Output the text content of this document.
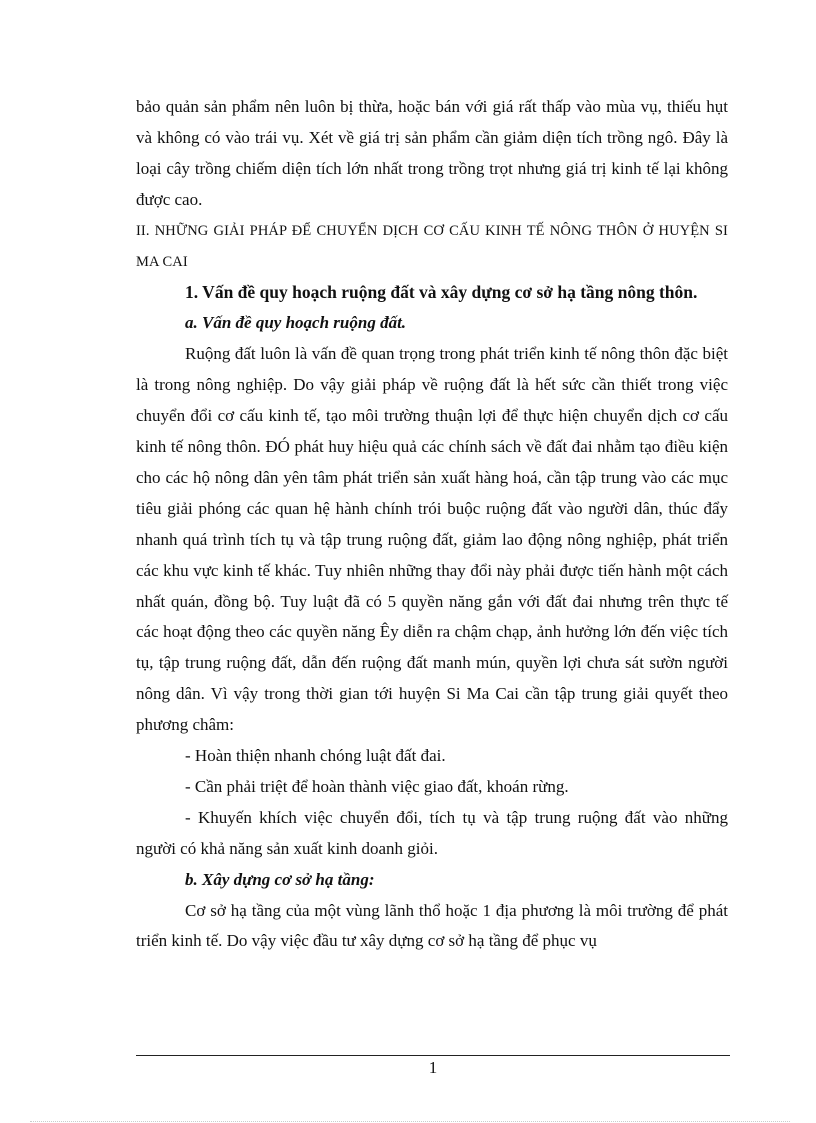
bảo quản sản phẩm nên luôn bị thừa, hoặc bán với giá rất thấp vào mùa vụ, thiếu hụt và không có vào trái vụ. Xét về giá trị sản phẩm cần giảm diện tích trồng ngô. Đây là loại cây trồng chiếm diện tích lớn nhất trong trồng trọt nhưng giá trị kinh tế lại không được cao.

II. NHỮNG GIẢI PHÁP ĐỂ CHUYỂN DỊCH CƠ CẤU KINH TẾ NÔNG THÔN Ở HUYỆN SI MA CAI

1. Vấn đề quy hoạch ruộng đất và xây dựng cơ sở hạ tầng nông thôn.

a. Vấn đề quy hoạch ruộng đất.

Ruộng đất luôn là vấn đề quan trọng trong phát triển kinh tế nông thôn đặc biệt là trong nông nghiệp. Do vậy giải pháp về ruộng đất là hết sức cần thiết trong việc chuyển đổi cơ cấu kinh tế, tạo môi trường thuận lợi để thực hiện chuyển dịch cơ cấu kinh tế nông thôn. ĐÓ phát huy hiệu quả các chính sách về đất đai nhằm tạo điều kiện cho các hộ nông dân yên tâm phát triển sản xuất hàng hoá, cần tập trung vào các mục tiêu giải phóng các quan hệ hành chính trói buộc ruộng đất vào người dân, thúc đẩy nhanh quá trình tích tụ và tập trung ruộng đất, giảm lao động nông nghiệp, phát triển các khu vực kinh tế khác. Tuy nhiên những thay đổi này phải được tiến hành một cách nhất quán, đồng bộ. Tuy luật đã có 5 quyền năng gắn với đất đai nhưng trên thực tế các hoạt động theo các quyền năng Êy diễn ra chậm chạp, ảnh hưởng lớn đến việc tích tụ, tập trung ruộng đất, dẫn đến ruộng đất manh mún, quyền lợi chưa sát sườn người nông dân. Vì vậy trong thời gian tới huyện Si Ma Cai cần tập trung giải quyết theo phương châm:

- Hoàn thiện nhanh chóng luật đất đai.

- Cần phải triệt để hoàn thành việc giao đất, khoán rừng.

- Khuyến khích việc chuyển đổi, tích tụ và tập trung ruộng đất vào những người có khả năng sản xuất kinh doanh giỏi.

b. Xây dựng cơ sở hạ tầng:

Cơ sở hạ tầng của một vùng lãnh thổ hoặc 1 địa phương là môi trường để phát triển kinh tế. Do vậy việc đầu tư xây dựng cơ sở hạ tầng để phục vụ

1
